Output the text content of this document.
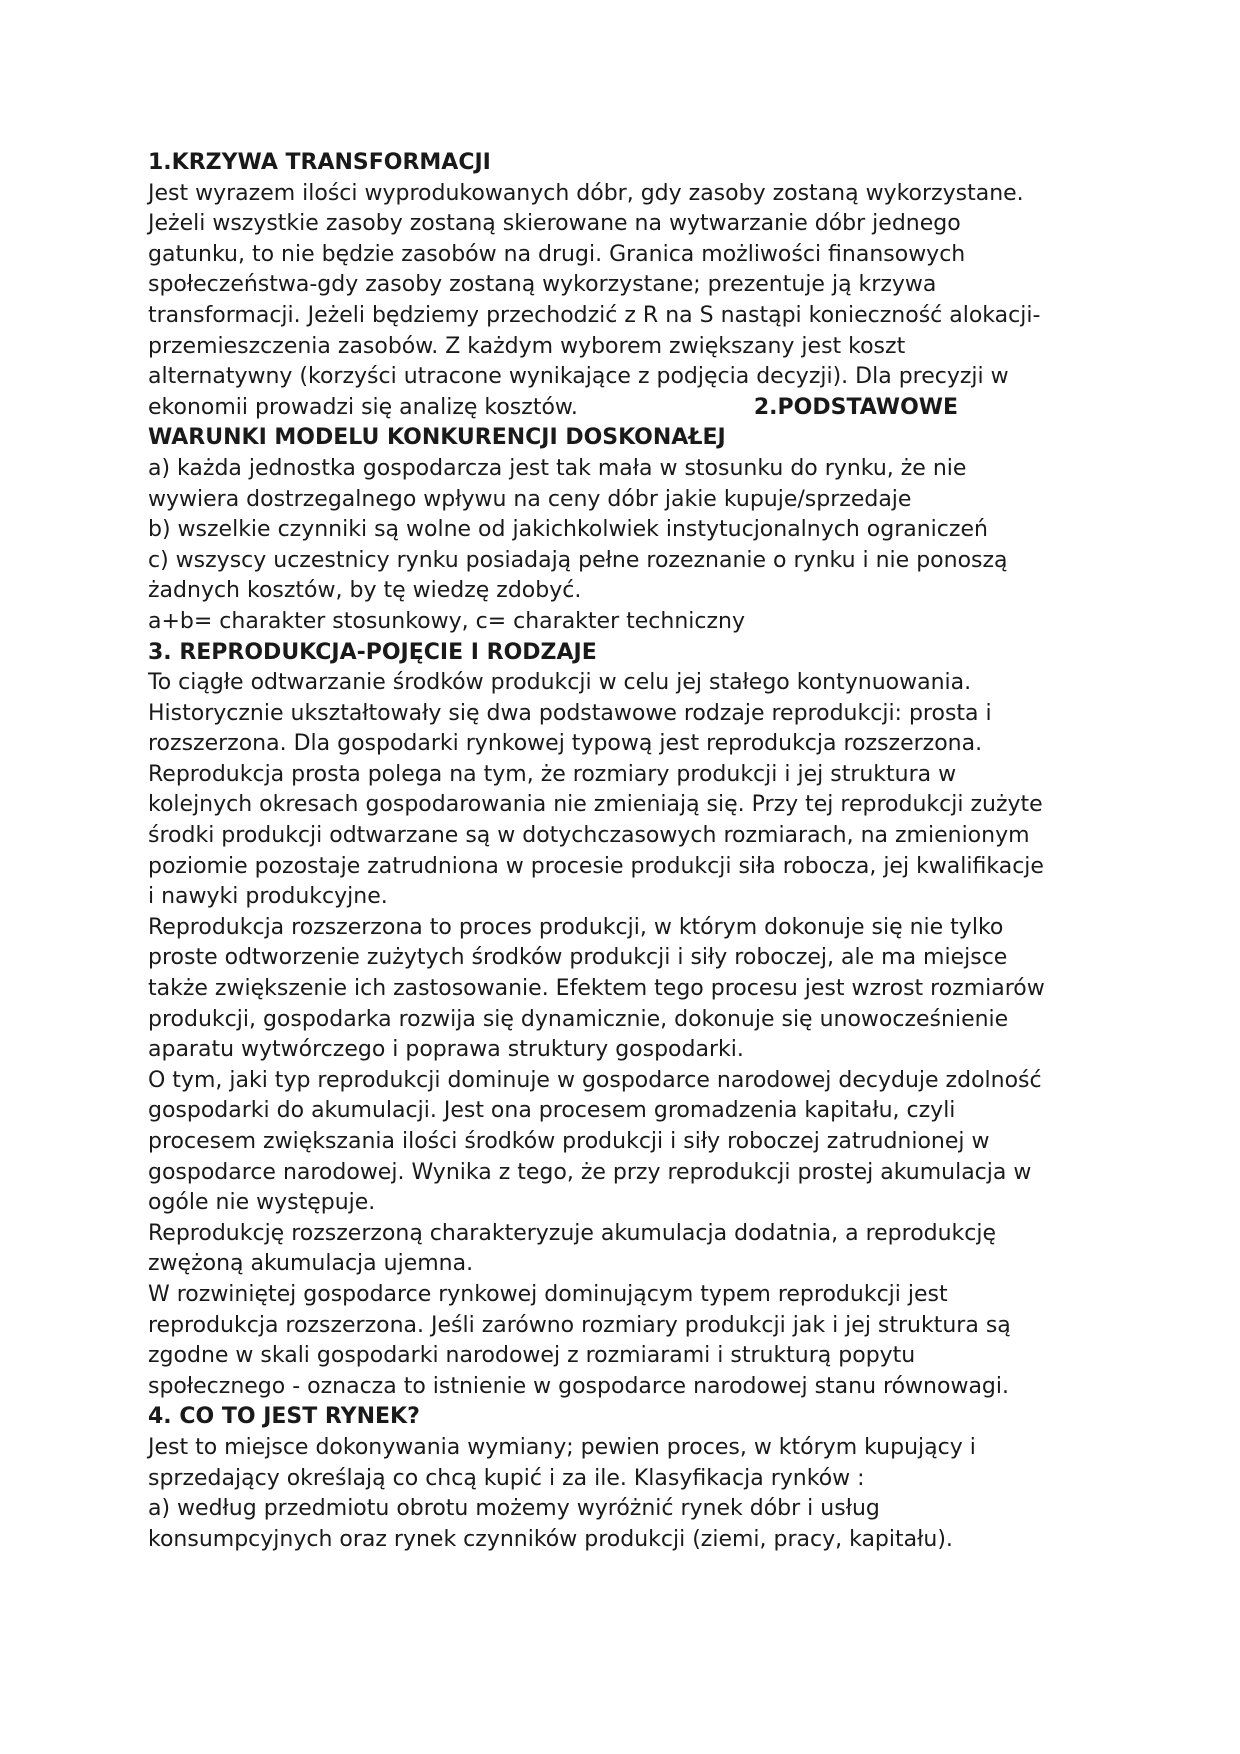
1.KRZYWA TRANSFORMACJI
Jest wyrazem ilości wyprodukowanych dóbr, gdy zasoby zostaną wykorzystane.
Jeżeli wszystkie zasoby zostaną skierowane na wytwarzanie dóbr jednego
gatunku, to nie będzie zasobów na drugi. Granica możliwości finansowych
społeczeństwa-gdy zasoby zostaną wykorzystane; prezentuje ją krzywa
transformacji. Jeżeli będziemy przechodzić z R na S nastąpi konieczność alokacji-
przemieszczenia zasobów. Z każdym wyborem zwiększany jest koszt
alternatywny (korzyści utracone wynikające z podjęcia decyzji). Dla precyzji w
ekonomii prowadzi się analizę kosztów.	2.PODSTAWOWE
WARUNKI MODELU KONKURENCJI DOSKONAŁEJ
a) każda jednostka gospodarcza jest tak mała w stosunku do rynku, że nie
wywiera dostrzegalnego wpływu na ceny dóbr jakie kupuje/sprzedaje
b) wszelkie czynniki są wolne od jakichkolwiek instytucjonalnych ograniczeń
c) wszyscy uczestnicy rynku posiadają pełne rozeznanie o rynku i nie ponoszą
żadnych kosztów, by tę wiedzę zdobyć.
a+b= charakter stosunkowy, c= charakter techniczny
3. REPRODUKCJA-POJĘCIE I RODZAJE
To ciągłe odtwarzanie środków produkcji w celu jej stałego kontynuowania.
Historycznie ukształtowały się dwa podstawowe rodzaje reprodukcji: prosta i
rozszerzona. Dla gospodarki rynkowej typową jest reprodukcja rozszerzona.
Reprodukcja prosta polega na tym, że rozmiary produkcji i jej struktura w
kolejnych okresach gospodarowania nie zmieniają się. Przy tej reprodukcji zużyte
środki produkcji odtwarzane są w dotychczasowych rozmiarach, na zmienionym
poziomie pozostaje zatrudniona w procesie produkcji siła robocza, jej kwalifikacje
i nawyki produkcyjne.
Reprodukcja rozszerzona to proces produkcji, w którym dokonuje się nie tylko
proste odtworzenie zużytych środków produkcji i siły roboczej, ale ma miejsce
także zwiększenie ich zastosowanie. Efektem tego procesu jest wzrost rozmiarów
produkcji, gospodarka rozwija się dynamicznie, dokonuje się unowocześnienie
aparatu wytwórczego i poprawa struktury gospodarki.
O tym, jaki typ reprodukcji dominuje w gospodarce narodowej decyduje zdolność
gospodarki do akumulacji. Jest ona procesem gromadzenia kapitału, czyli
procesem zwiększania ilości środków produkcji i siły roboczej zatrudnionej w
gospodarce narodowej. Wynika z tego, że przy reprodukcji prostej akumulacja w
ogóle nie występuje.
Reprodukcję rozszerzoną charakteryzuje akumulacja dodatnia, a reprodukcję
zwężoną akumulacja ujemna.
W rozwiniętej gospodarce rynkowej dominującym typem reprodukcji jest
reprodukcja rozszerzona. Jeśli zarówno rozmiary produkcji jak i jej struktura są
zgodne w skali gospodarki narodowej z rozmiarami i strukturą popytu
społecznego - oznacza to istnienie w gospodarce narodowej stanu równowagi.
4. CO TO JEST RYNEK?
Jest to miejsce dokonywania wymiany; pewien proces, w którym kupujący i
sprzedający określają co chcą kupić i za ile. Klasyfikacja rynków :
a) według przedmiotu obrotu możemy wyróżnić rynek dóbr i usług
konsumpcyjnych oraz rynek czynników produkcji (ziemi, pracy, kapitału).
